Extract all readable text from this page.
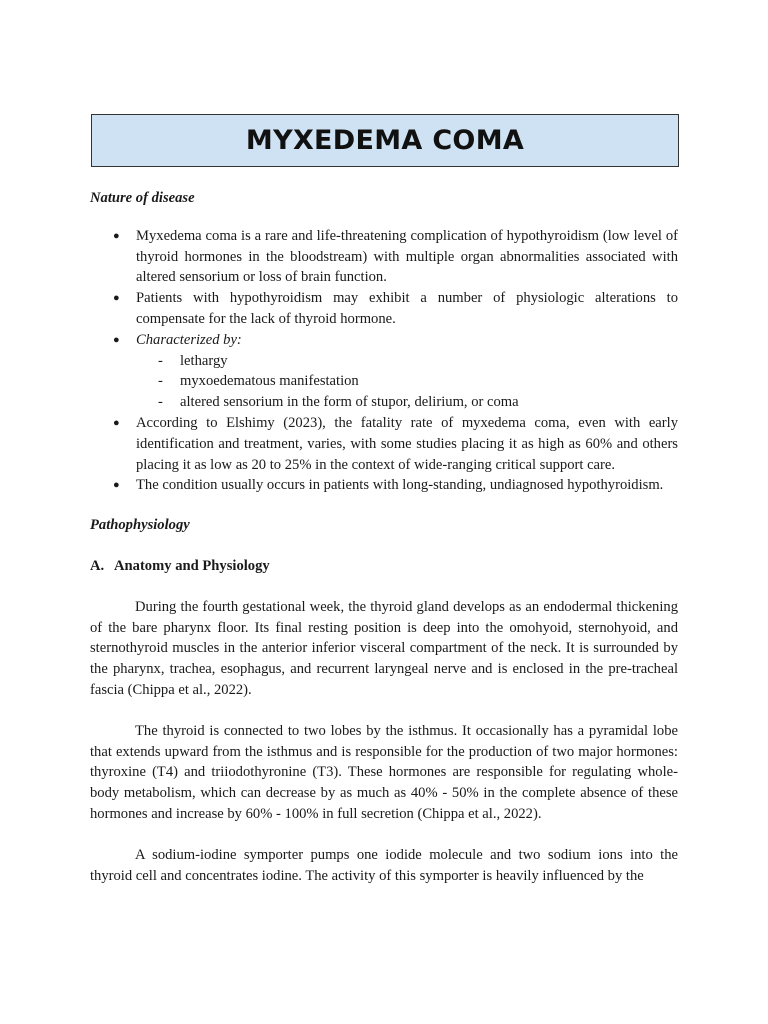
MYXEDEMA COMA

Nature of disease

● Myxedema coma is a rare and life-threatening complication of hypothyroidism (low level of thyroid hormones in the bloodstream) with multiple organ abnormalities associated with altered sensorium or loss of brain function.
● Patients with hypothyroidism may exhibit a number of physiologic alterations to compensate for the lack of thyroid hormone.
● Characterized by:
- lethargy
- myxoedematous manifestation
- altered sensorium in the form of stupor, delirium, or coma
● According to Elshimy (2023), the fatality rate of myxedema coma, even with early identification and treatment, varies, with some studies placing it as high as 60% and others placing it as low as 20 to 25% in the context of wide-ranging critical support care.
● The condition usually occurs in patients with long-standing, undiagnosed hypothyroidism.

Pathophysiology

A. Anatomy and Physiology

During the fourth gestational week, the thyroid gland develops as an endodermal thickening of the bare pharynx floor. Its final resting position is deep into the omohyoid, sternohyoid, and sternothyroid muscles in the anterior inferior visceral compartment of the neck. It is surrounded by the pharynx, trachea, esophagus, and recurrent laryngeal nerve and is enclosed in the pre-tracheal fascia (Chippa et al., 2022).

The thyroid is connected to two lobes by the isthmus. It occasionally has a pyramidal lobe that extends upward from the isthmus and is responsible for the production of two major hormones: thyroxine (T4) and triiodothyronine (T3). These hormones are responsible for regulating whole-body metabolism, which can decrease by as much as 40% - 50% in the complete absence of these hormones and increase by 60% - 100% in full secretion (Chippa et al., 2022).

A sodium-iodine symporter pumps one iodide molecule and two sodium ions into the thyroid cell and concentrates iodine. The activity of this symporter is heavily influenced by the
